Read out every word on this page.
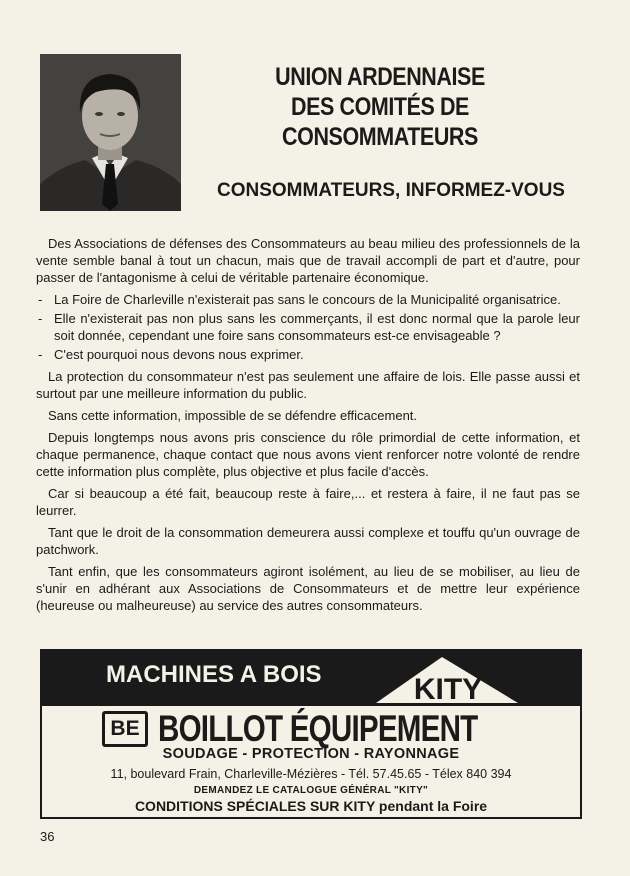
UNION ARDENNAISE
DES COMITÉS DE
CONSOMMATEURS
CONSOMMATEURS, INFORMEZ-VOUS

Des Associations de défenses des Consommateurs au beau milieu des professionnels de la vente semble banal à tout un chacun, mais que de travail accompli de part et d'autre, pour passer de l'antagonisme à celui de véritable partenaire économique.

- La Foire de Charleville n'existerait pas sans le concours de la Municipalité organisatrice.
- Elle n'existerait pas non plus sans les commerçants, il est donc normal que la parole leur soit donnée, cependant une foire sans consommateurs est-ce envisageable ?
- C'est pourquoi nous devons nous exprimer.

La protection du consommateur n'est pas seulement une affaire de lois. Elle passe aussi et surtout par une meilleure information du public.

Sans cette information, impossible de se défendre efficacement.

Depuis longtemps nous avons pris conscience du rôle primordial de cette information, et chaque permanence, chaque contact que nous avons vient renforcer notre volonté de rendre cette information plus complète, plus objective et plus facile d'accès.

Car si beaucoup a été fait, beaucoup reste à faire,... et restera à faire, il ne faut pas se leurrer.

Tant que le droit de la consommation demeurera aussi complexe et touffu qu'un ouvrage de patchwork.

Tant enfin, que les consommateurs agiront isolément, au lieu de se mobiliser, au lieu de s'unir en adhérant aux Associations de Consommateurs et de mettre leur expérience (heureuse ou malheureuse) au service des autres consommateurs.

MACHINES A BOIS	KITY
BE BOILLOT ÉQUIPEMENT
SOUDAGE - PROTECTION - RAYONNAGE
11, boulevard Frain, Charleville-Mézières - Tél. 57.45.65 - Télex 840 394
DEMANDEZ LE CATALOGUE GÉNÉRAL "KITY"
CONDITIONS SPÉCIALES SUR KITY pendant la Foire
36
